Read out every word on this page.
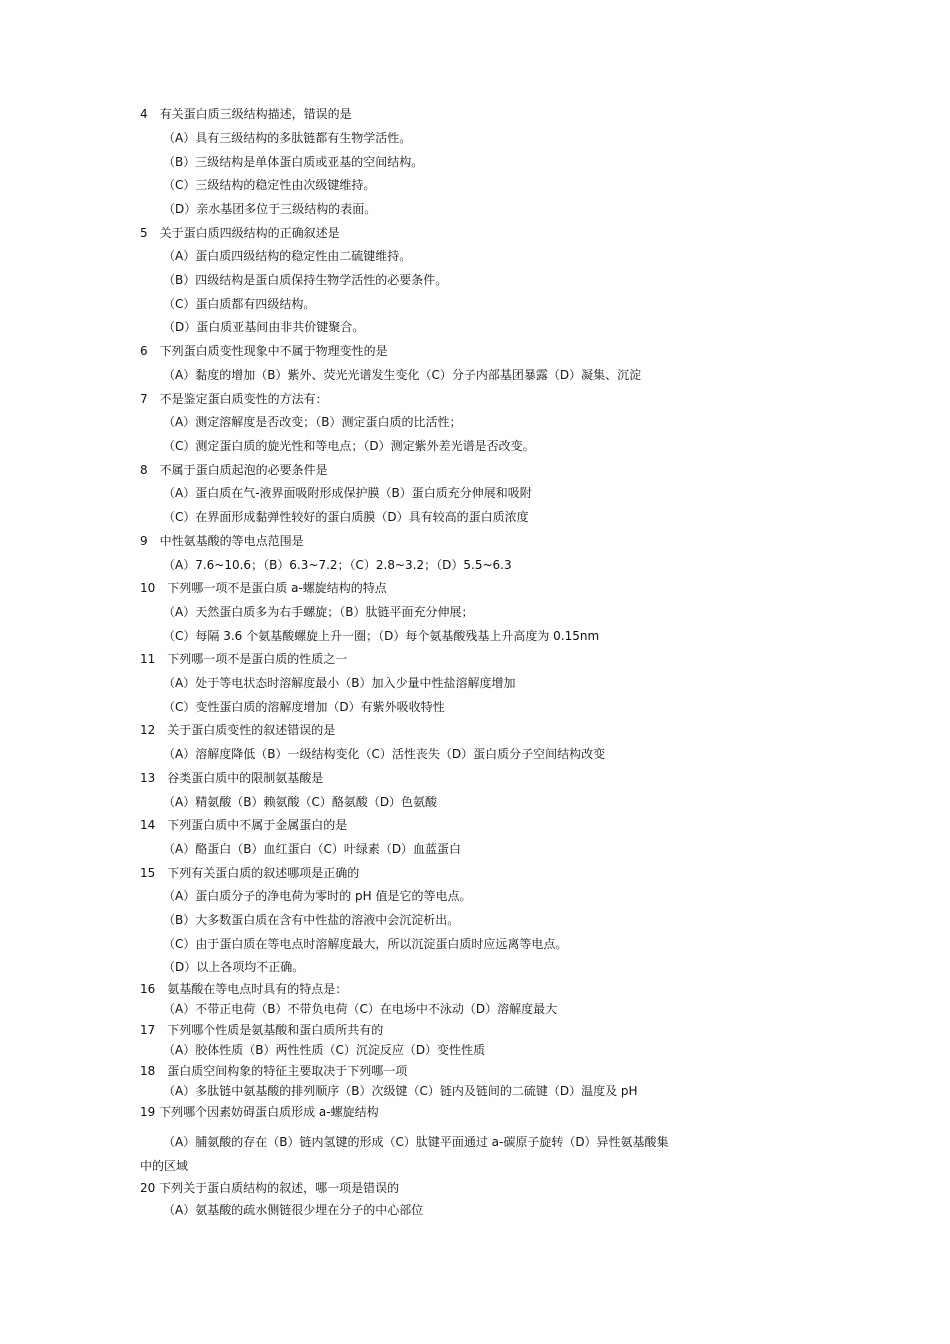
4　有关蛋白质三级结构描述，错误的是
（A）具有三级结构的多肽链都有生物学活性。
（B）三级结构是单体蛋白质或亚基的空间结构。
（C）三级结构的稳定性由次级键维持。
（D）亲水基团多位于三级结构的表面。
5　关于蛋白质四级结构的正确叙述是
（A）蛋白质四级结构的稳定性由二硫键维持。
（B）四级结构是蛋白质保持生物学活性的必要条件。
（C）蛋白质都有四级结构。
（D）蛋白质亚基间由非共价键聚合。
6　下列蛋白质变性现象中不属于物理变性的是
（A）黏度的增加（B）紫外、荧光光谱发生变化（C）分子内部基团暴露（D）凝集、沉淀
7　不是鉴定蛋白质变性的方法有：
（A）测定溶解度是否改变；（B）测定蛋白质的比活性；
（C）测定蛋白质的旋光性和等电点；（D）测定紫外差光谱是否改变。
8　不属于蛋白质起泡的必要条件是
（A）蛋白质在气-液界面吸附形成保护膜（B）蛋白质充分伸展和吸附
（C）在界面形成黏弹性较好的蛋白质膜（D）具有较高的蛋白质浓度
9　中性氨基酸的等电点范围是
（A）7.6~10.6；（B）6.3~7.2；（C）2.8~3.2；（D）5.5~6.3
10　下列哪一项不是蛋白质 a-螺旋结构的特点
（A）天然蛋白质多为右手螺旋；（B）肽链平面充分伸展；
（C）每隔 3.6 个氨基酸螺旋上升一圈；（D）每个氨基酸残基上升高度为 0.15nm
11　下列哪一项不是蛋白质的性质之一
（A）处于等电状态时溶解度最小（B）加入少量中性盐溶解度增加
（C）变性蛋白质的溶解度增加（D）有紫外吸收特性
12　关于蛋白质变性的叙述错误的是
（A）溶解度降低（B）一级结构变化（C）活性丧失（D）蛋白质分子空间结构改变
13　谷类蛋白质中的限制氨基酸是
（A）精氨酸（B）赖氨酸（C）酪氨酸（D）色氨酸
14　下列蛋白质中不属于金属蛋白的是
（A）酪蛋白（B）血红蛋白（C）叶绿素（D）血蓝蛋白
15　下列有关蛋白质的叙述哪项是正确的
（A）蛋白质分子的净电荷为零时的 pH 值是它的等电点。
（B）大多数蛋白质在含有中性盐的溶液中会沉淀析出。
（C）由于蛋白质在等电点时溶解度最大，所以沉淀蛋白质时应远离等电点。
（D）以上各项均不正确。
16　氨基酸在等电点时具有的特点是：
（A）不带正电荷（B）不带负电荷（C）在电场中不泳动（D）溶解度最大
17　下列哪个性质是氨基酸和蛋白质所共有的
（A）胶体性质（B）两性性质（C）沉淀反应（D）变性性质
18　蛋白质空间构象的特征主要取决于下列哪一项
（A）多肽链中氨基酸的排列顺序（B）次级键（C）链内及链间的二硫键（D）温度及 pH
19 下列哪个因素妨碍蛋白质形成 a-螺旋结构
（A）脯氨酸的存在（B）链内氢键的形成（C）肽键平面通过 a-碳原子旋转（D）异性氨基酸集
中的区域
20 下列关于蛋白质结构的叙述，哪一项是错误的
（A）氨基酸的疏水侧链很少埋在分子的中心部位
